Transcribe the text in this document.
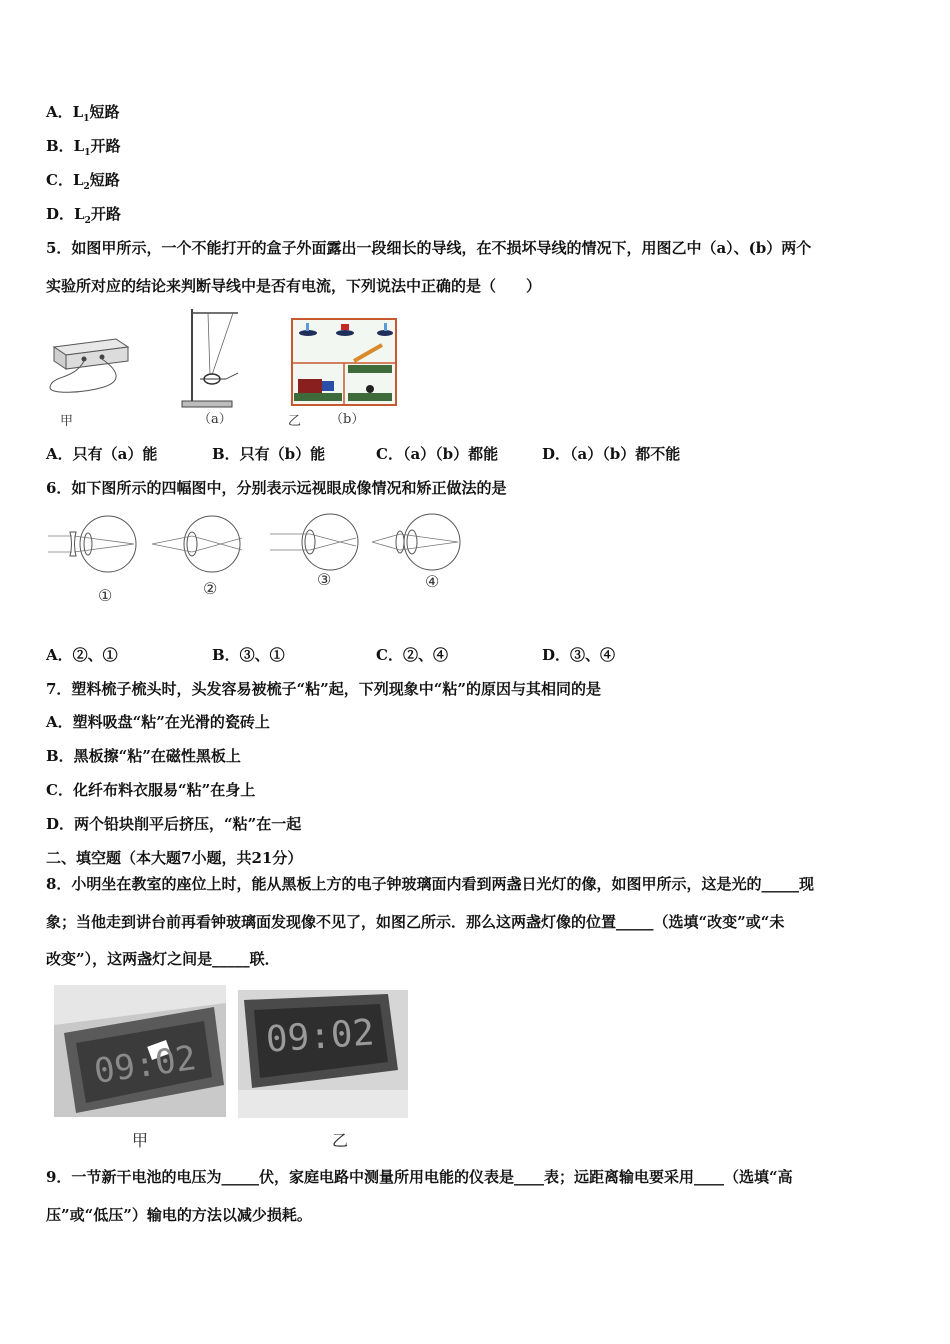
A．$L_1$短路
B．$L_1$开路
C．$L_2$短路
D．$L_2$开路
5．如图甲所示，一个不能打开的盒子外面露出一段细长的导线，在不损坏导线的情况下，用图乙中（a）、(b）两个
实验所对应的结论来判断导线中是否有电流，下列说法中正确的是（　　）
甲	（a）	乙 （b）
A．只有（a）能	B．只有（b）能	C．（a）（b）都能	D．（a）（b）都不能
6．如下图所示的四幅图中，分别表示远视眼成像情况和矫正做法的是
①	②	③	④
A．②、①	B．③、①	C．②、④	D．③、④
7．塑料梳子梳头时，头发容易被梳子“粘”起，下列现象中“粘”的原因与其相同的是
A．塑料吸盘“粘”在光滑的瓷砖上
B．黑板擦“粘”在磁性黑板上
C．化纤布料衣服易“粘”在身上
D．两个铅块削平后挤压，“粘”在一起
二、填空题（本大题7小题，共21分）
8．小明坐在教室的座位上时，能从黑板上方的电子钟玻璃面内看到两盏日光灯的像，如图甲所示，这是光的_____现
象；当他走到讲台前再看钟玻璃面发现像不见了，如图乙所示．那么这两盏灯像的位置_____（选填“改变”或“未
改变”），这两盏灯之间是_____联．
09:02
09:02
甲	乙
9．一节新干电池的电压为_____伏，家庭电路中测量所用电能的仪表是____表；远距离输电要采用____（选填“高
压”或“低压”）输电的方法以减少损耗。
